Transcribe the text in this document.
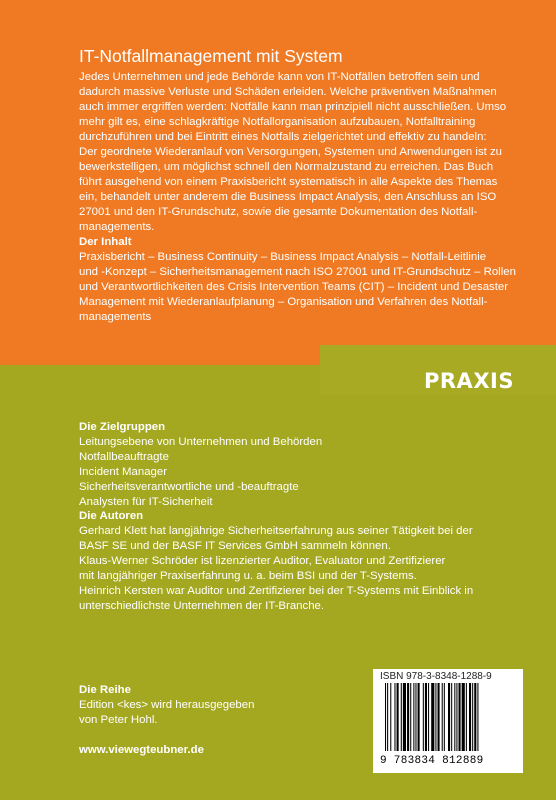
PRAXIS
IT-Notfallmanagement mit System

Jedes Unternehmen und jede Behörde kann von IT-Notfällen betroffen sein und
dadurch massive Verluste und Schäden erleiden. Welche präventiven Maßnahmen
auch immer ergriffen werden: Notfälle kann man prinzipiell nicht ausschließen. Umso
mehr gilt es, eine schlagkräftige Notfallorganisation aufzubauen, Notfalltraining
durchzuführen und bei Eintritt eines Notfalls zielgerichtet und effektiv zu handeln:
Der geordnete Wiederanlauf von Versorgungen, Systemen und Anwendungen ist zu
bewerkstelligen, um möglichst schnell den Normalzustand zu erreichen. Das Buch
führt ausgehend von einem Praxisbericht systematisch in alle Aspekte des Themas
ein, behandelt unter anderem die Business Impact Analysis, den Anschluss an ISO
27001 und den IT-Grundschutz, sowie die gesamte Dokumentation des Notfall-
managements.

Der Inhalt

Praxisbericht – Business Continuity – Business Impact Analysis – Notfall-Leitlinie
und -Konzept – Sicherheitsmanagement nach ISO 27001 und IT-Grundschutz – Rollen
und Verantwortlichkeiten des Crisis Intervention Teams (CIT) – Incident und Desaster
Management mit Wiederanlaufplanung – Organisation und Verfahren des Notfall-
managements

Die Zielgruppen

Leitungsebene von Unternehmen und Behörden
Notfallbeauftragte
Incident Manager
Sicherheitsverantwortliche und -beauftragte
Analysten für IT-Sicherheit

Die Autoren

Gerhard Klett hat langjährige Sicherheitserfahrung aus seiner Tätigkeit bei der
BASF SE und der BASF IT Services GmbH sammeln können.
Klaus-Werner Schröder ist lizenzierter Auditor, Evaluator und Zertifizierer
mit langjähriger Praxiserfahrung u. a. beim BSI und der T-Systems.
Heinrich Kersten war Auditor und Zertifizierer bei der T-Systems mit Einblick in
unterschiedlichste Unternehmen der IT-Branche.

Die Reihe

Edition <kes> wird herausgegeben
von Peter Hohl.

www.viewegteubner.de
ISBN 978-3-8348-1288-9
9 783834 812889
